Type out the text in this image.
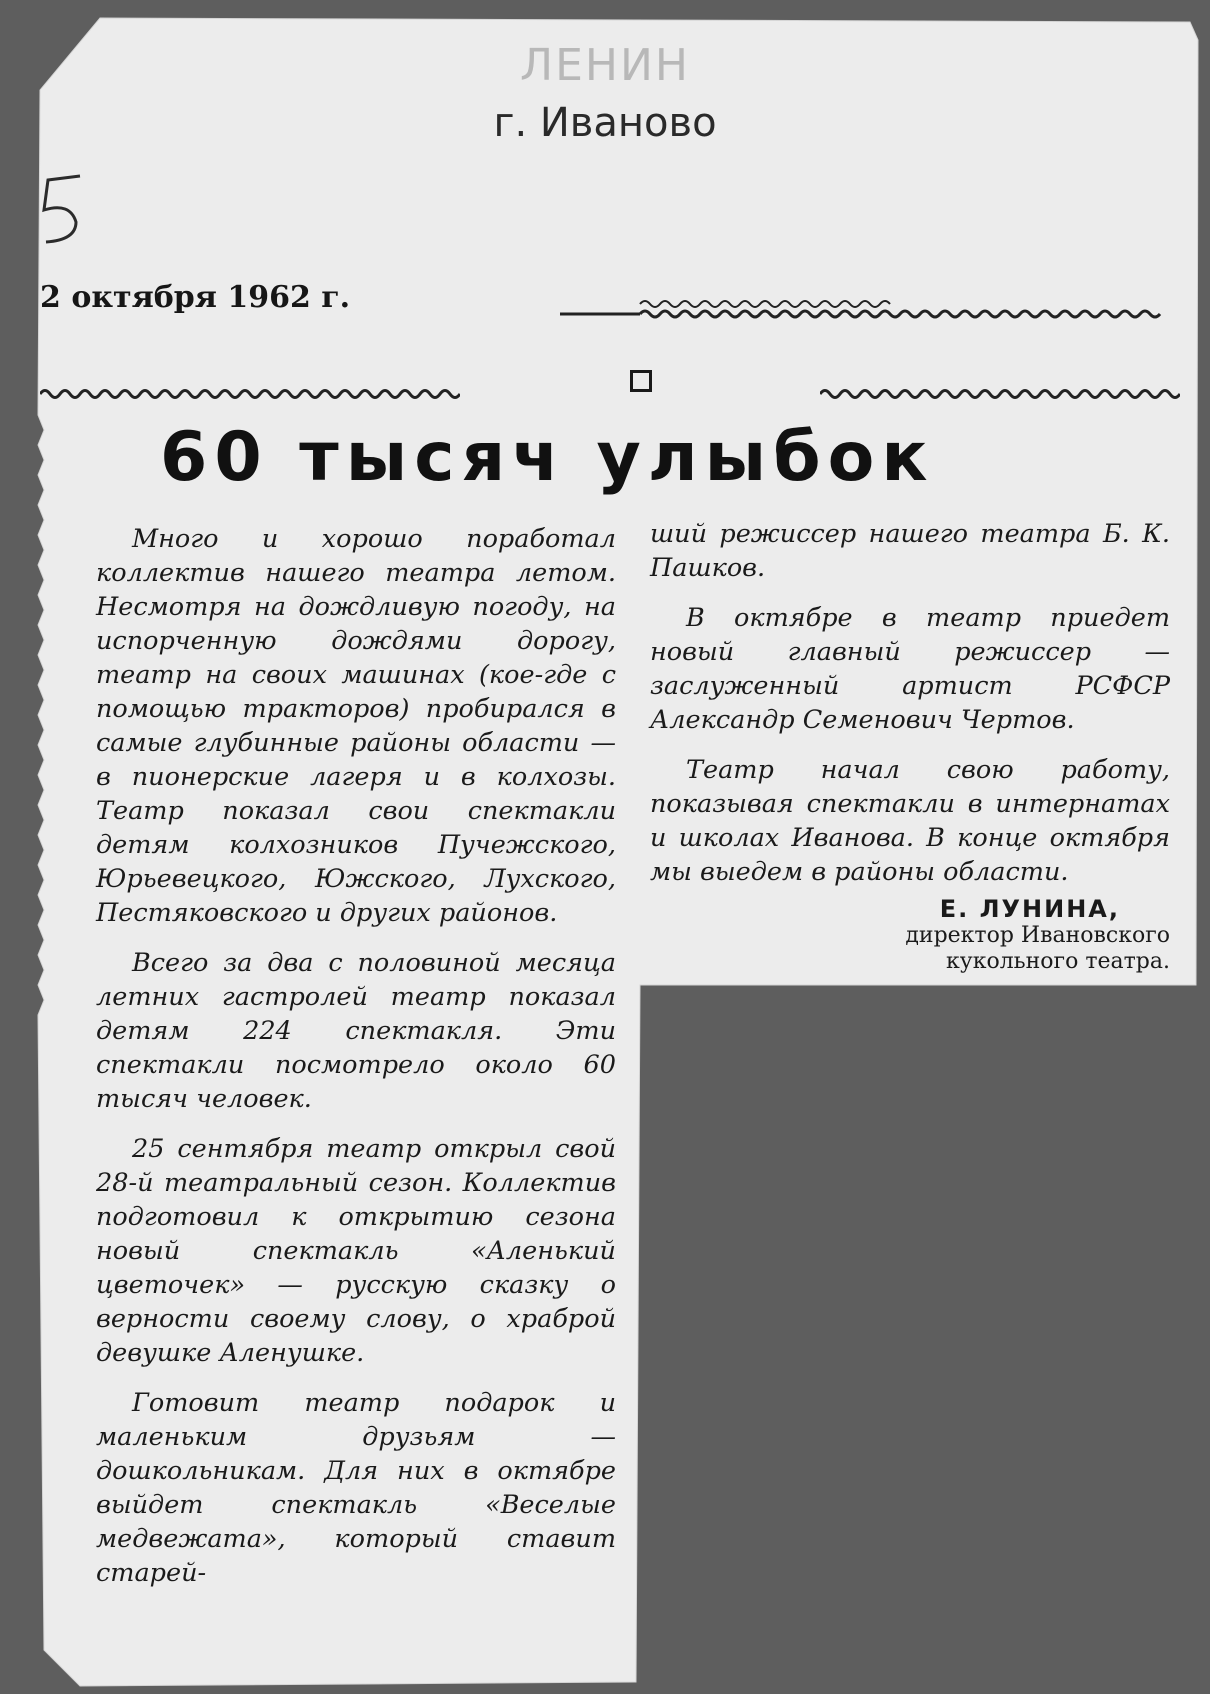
ЛЕНИН
г. Иваново
2 октября 1962 г.
60 тысяч улыбок

Много и хорошо поработал коллектив нашего театра летом. Несмотря на дождливую погоду, на испорченную дождями дорогу, театр на своих машинах (кое-где с помощью тракторов) пробирался в самые глубинные районы области — в пионерские лагеря и в колхозы. Театр показал свои спектакли детям колхозников Пучежского, Юрьевецкого, Южского, Лухского, Пестяковского и других районов.

Всего за два с половиной месяца летних гастролей театр показал детям 224 спектакля. Эти спектакли посмотрело около 60 тысяч человек.

25 сентября театр открыл свой 28-й театральный сезон. Коллектив подготовил к открытию сезона новый спектакль «Аленький цветочек» — русскую сказку о верности своему слову, о храброй девушке Аленушке.

Готовит театр подарок и маленьким друзьям — дошкольникам. Для них в октябре выйдет спектакль «Веселые медвежата», который ставит старей-

ший режиссер нашего театра Б. К. Пашков.

В октябре в театр приедет новый главный режиссер — заслуженный артист РСФСР Александр Семенович Чертов.

Театр начал свою работу, показывая спектакли в интернатах и школах Иванова. В конце октября мы выедем в районы области.

Е. ЛУНИНА,
директор Ивановского
кукольного театра.
